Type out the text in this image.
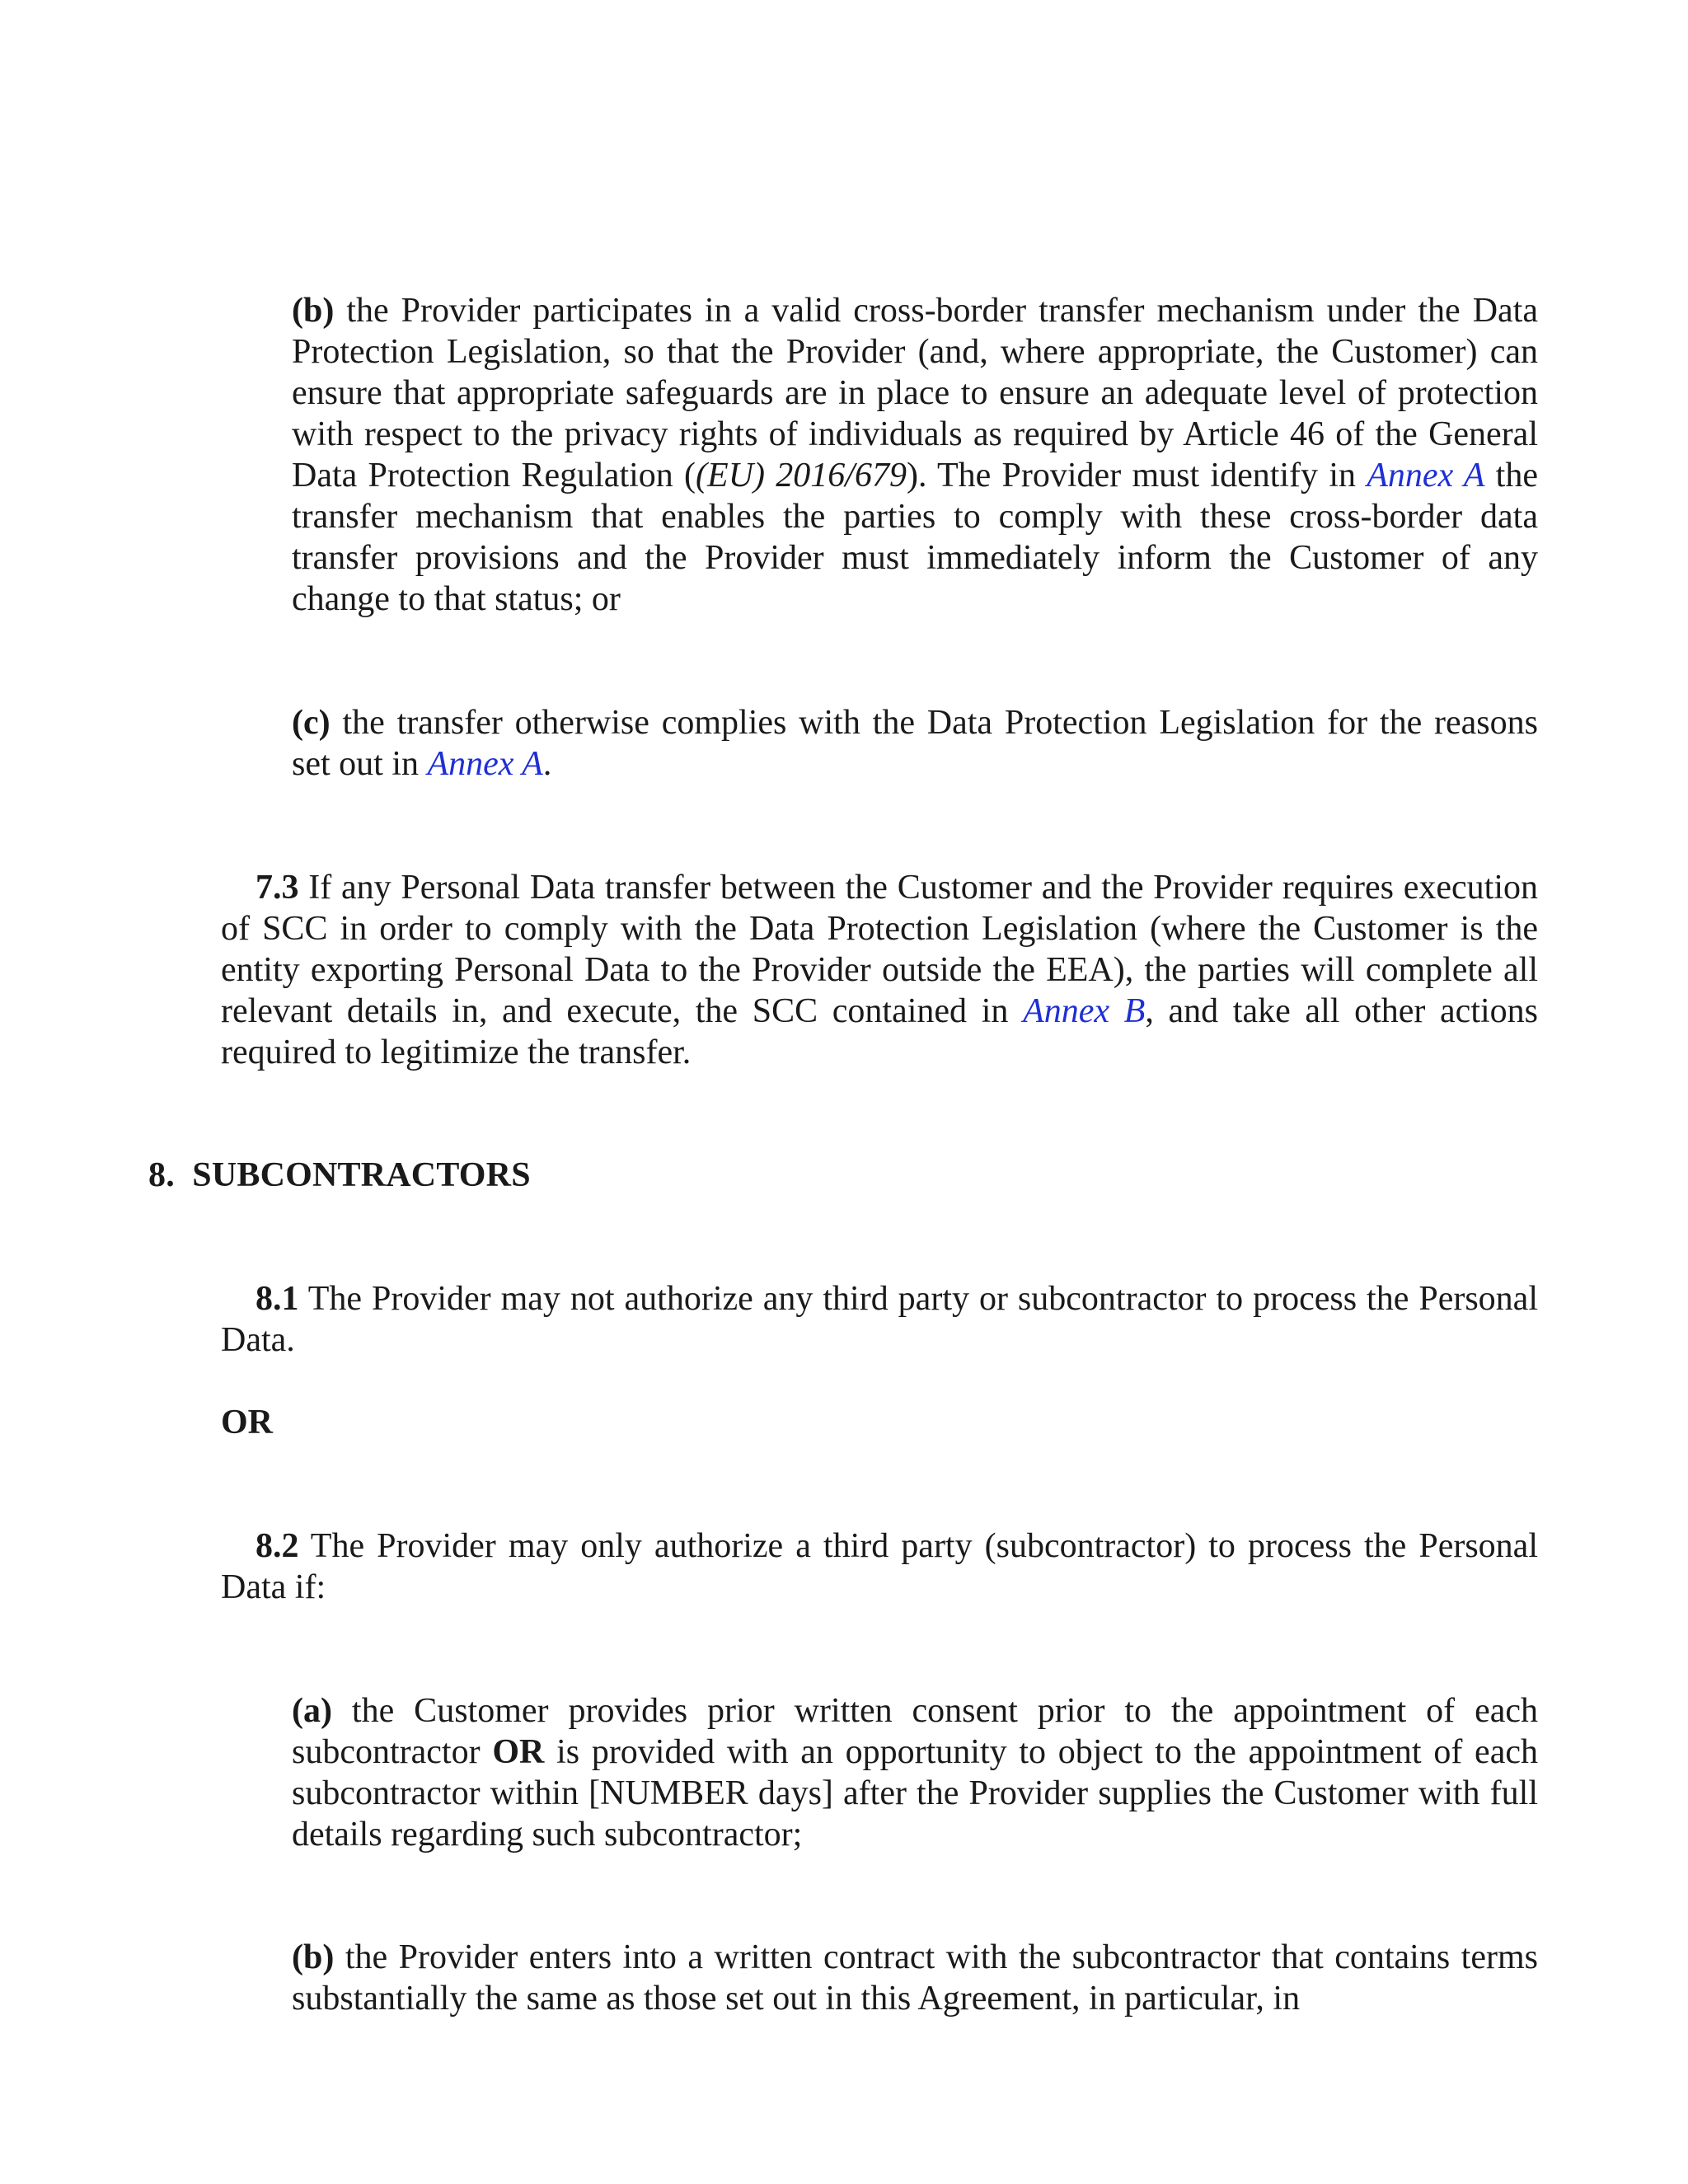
(b) the Provider participates in a valid cross-border transfer mechanism under the Data Protection Legislation, so that the Provider (and, where appropriate, the Customer) can ensure that appropriate safeguards are in place to ensure an adequate level of protection with respect to the privacy rights of individuals as required by Article 46 of the General Data Protection Regulation ((EU) 2016/679). The Provider must identify in Annex A the transfer mechanism that enables the parties to comply with these cross-border data transfer provisions and the Provider must immediately inform the Customer of any change to that status; or

(c) the transfer otherwise complies with the Data Protection Legislation for the reasons set out in Annex A.

7.3 If any Personal Data transfer between the Customer and the Provider requires execution of SCC in order to comply with the Data Protection Legislation (where the Customer is the entity exporting Personal Data to the Provider outside the EEA), the parties will complete all relevant details in, and execute, the SCC contained in Annex B, and take all other actions required to legitimize the transfer.

8.  SUBCONTRACTORS

8.1 The Provider may not authorize any third party or subcontractor to process the Personal Data.

OR

8.2 The Provider may only authorize a third party (subcontractor) to process the Personal Data if:

(a) the Customer provides prior written consent prior to the appointment of each subcontractor OR is provided with an opportunity to object to the appointment of each subcontractor within [NUMBER days] after the Provider supplies the Customer with full details regarding such subcontractor;

(b) the Provider enters into a written contract with the subcontractor that contains terms substantially the same as those set out in this Agreement, in particular, in
